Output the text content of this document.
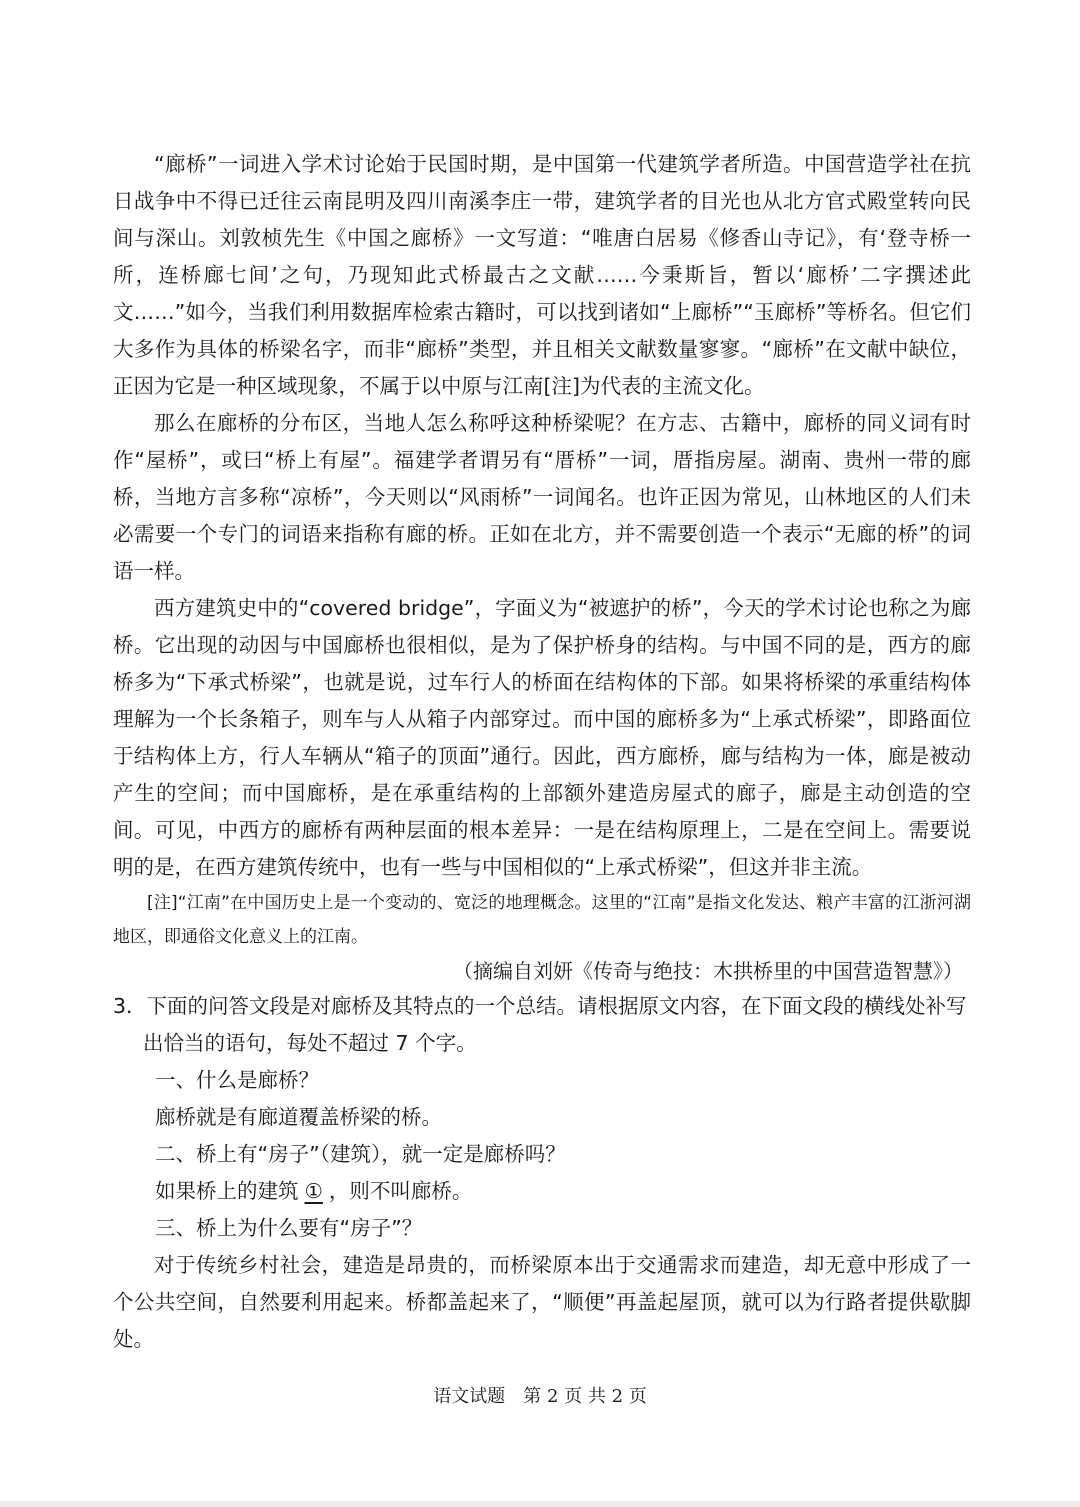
“廊桥”一词进入学术讨论始于民国时期，是中国第一代建筑学者所造。中国营造学社在抗日战争中不得已迁往云南昆明及四川南溪李庄一带，建筑学者的目光也从北方官式殿堂转向民间与深山。刘敦桢先生《中国之廊桥》一文写道：“唯唐白居易《修香山寺记》，有‘登寺桥一所，连桥廊七间’之句，乃现知此式桥最古之文献……今秉斯旨，暂以‘廊桥’二字撰述此文……”如今，当我们利用数据库检索古籍时，可以找到诸如“上廊桥”“玉廊桥”等桥名。但它们大多作为具体的桥梁名字，而非“廊桥”类型，并且相关文献数量寥寥。“廊桥”在文献中缺位，正因为它是一种区域现象，不属于以中原与江南[注]为代表的主流文化。

那么在廊桥的分布区，当地人怎么称呼这种桥梁呢？在方志、古籍中，廊桥的同义词有时作“屋桥”，或曰“桥上有屋”。福建学者谓另有“厝桥”一词，厝指房屋。湖南、贵州一带的廊桥，当地方言多称“凉桥”，今天则以“风雨桥”一词闻名。也许正因为常见，山林地区的人们未必需要一个专门的词语来指称有廊的桥。正如在北方，并不需要创造一个表示“无廊的桥”的词语一样。

西方建筑史中的“covered bridge”，字面义为“被遮护的桥”，今天的学术讨论也称之为廊桥。它出现的动因与中国廊桥也很相似，是为了保护桥身的结构。与中国不同的是，西方的廊桥多为“下承式桥梁”，也就是说，过车行人的桥面在结构体的下部。如果将桥梁的承重结构体理解为一个长条箱子，则车与人从箱子内部穿过。而中国的廊桥多为“上承式桥梁”，即路面位于结构体上方，行人车辆从“箱子的顶面”通行。因此，西方廊桥，廊与结构为一体，廊是被动产生的空间；而中国廊桥，是在承重结构的上部额外建造房屋式的廊子，廊是主动创造的空间。可见，中西方的廊桥有两种层面的根本差异：一是在结构原理上，二是在空间上。需要说明的是，在西方建筑传统中，也有一些与中国相似的“上承式桥梁”，但这并非主流。

[注]“江南”在中国历史上是一个变动的、宽泛的地理概念。这里的“江南”是指文化发达、粮产丰富的江浙河湖地区，即通俗文化意义上的江南。

（摘编自刘妍《传奇与绝技：木拱桥里的中国营造智慧》）

3．下面的问答文段是对廊桥及其特点的一个总结。请根据原文内容，在下面文段的横线处补写出恰当的语句，每处不超过 7 个字。

一、什么是廊桥？

廊桥就是有廊道覆盖桥梁的桥。

二、桥上有“房子”（建筑），就一定是廊桥吗？

如果桥上的建筑 ① ，则不叫廊桥。

三、桥上为什么要有“房子”？

对于传统乡村社会，建造是昂贵的，而桥梁原本出于交通需求而建造，却无意中形成了一个公共空间，自然要利用起来。桥都盖起来了，“顺便”再盖起屋顶，就可以为行路者提供歇脚处。

语文试题　第 2 页 共 2 页
